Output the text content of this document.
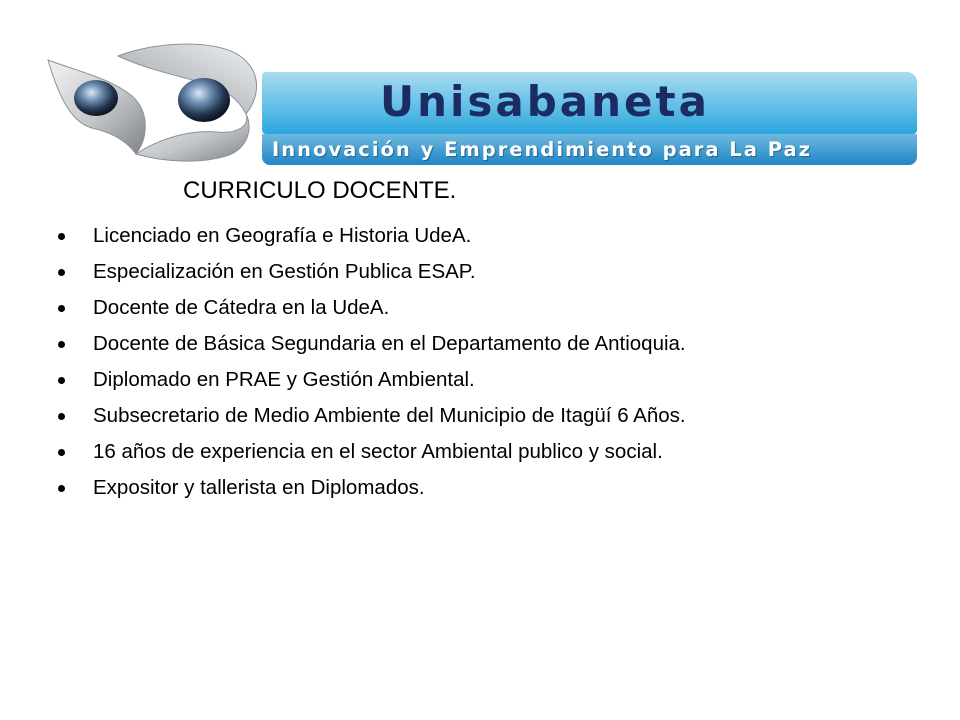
Unisabaneta
Innovación y Emprendimiento para La Paz
CURRICULO DOCENTE.
Licenciado en Geografía e Historia UdeA.
Especialización en Gestión Publica ESAP.
Docente de Cátedra en la UdeA.
Docente de Básica Segundaria en el Departamento de Antioquia.
Diplomado en PRAE y Gestión Ambiental.
Subsecretario de Medio Ambiente del Municipio de Itagüí 6 Años.
16 años de experiencia en el sector Ambiental publico y social.
Expositor y tallerista en Diplomados.
